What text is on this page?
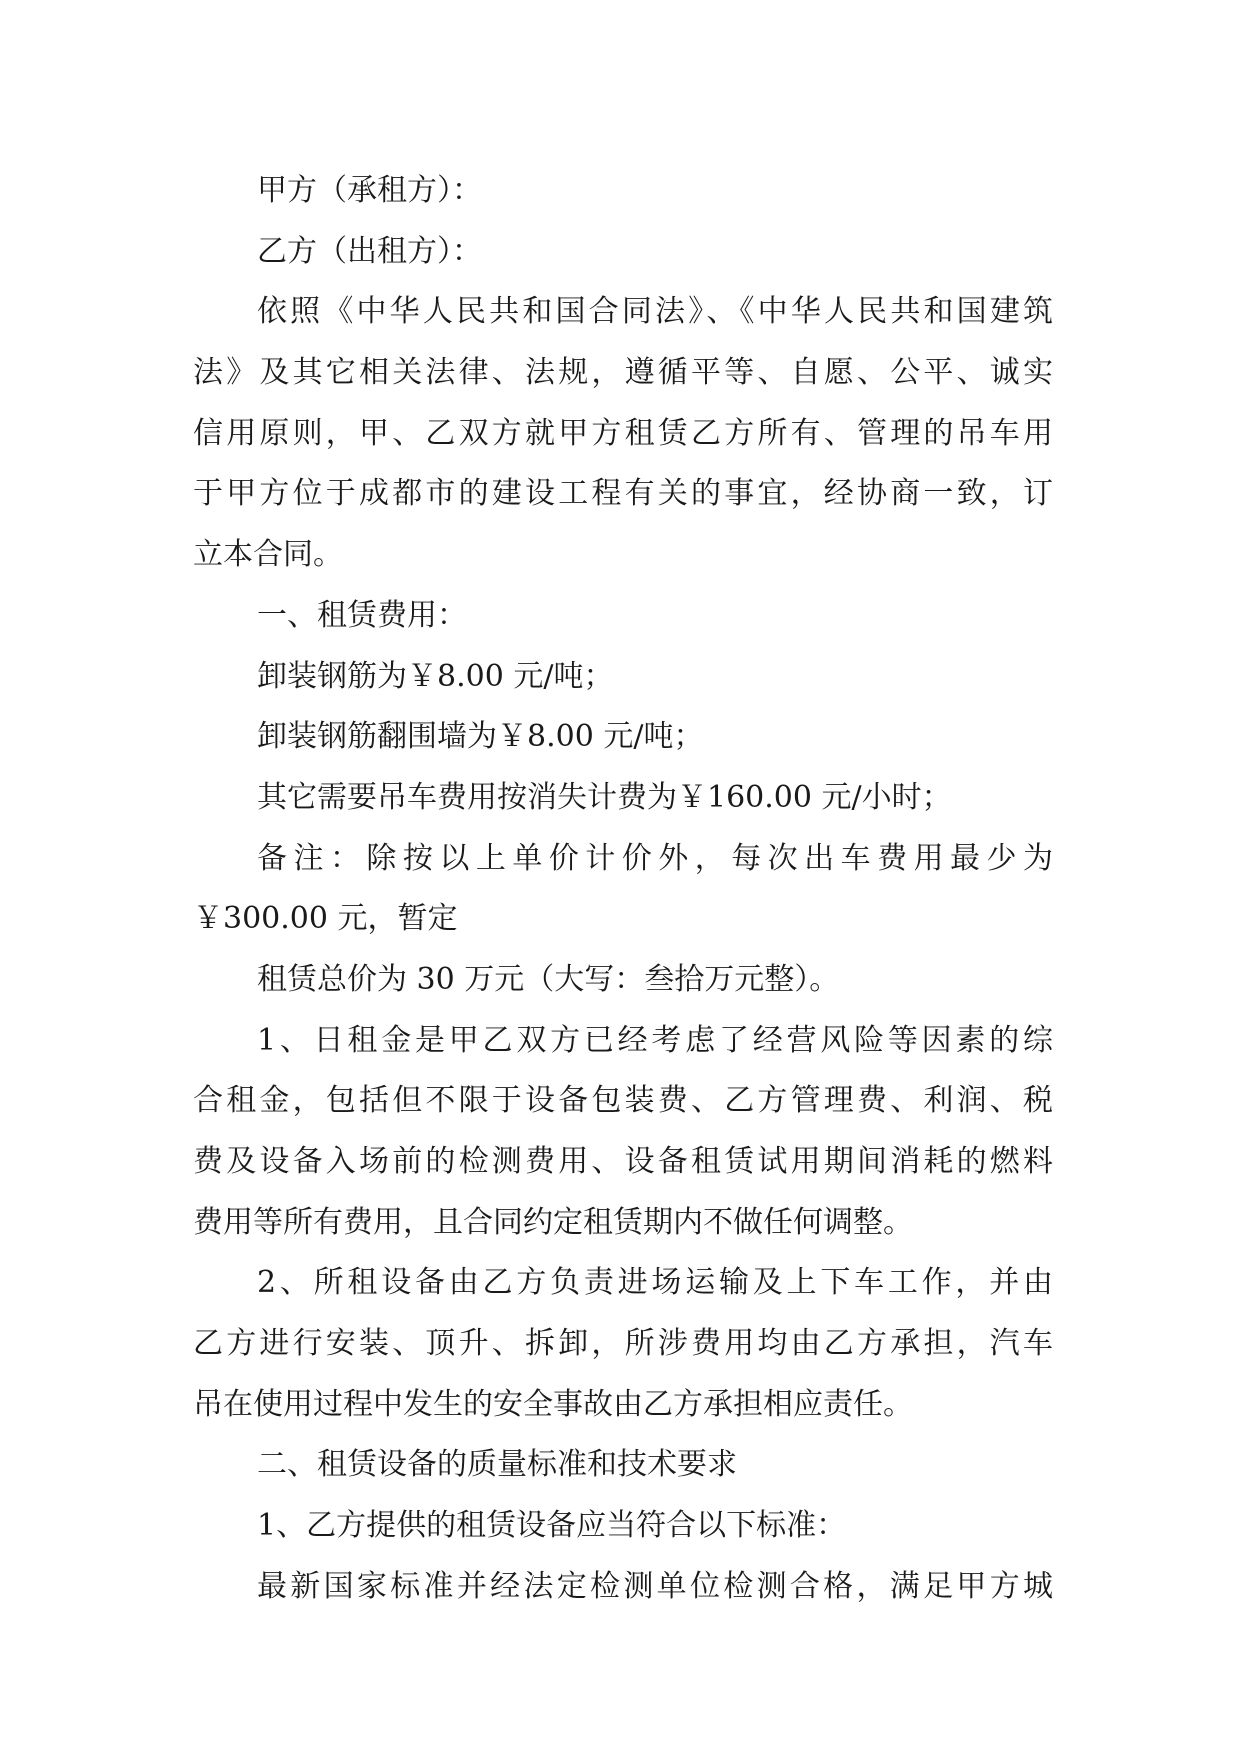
甲方（承租方）：
乙方（出租方）：
依照《中华人民共和国合同法》、《中华人民共和国建筑
法》及其它相关法律、法规，遵循平等、自愿、公平、诚实
信用原则，甲、乙双方就甲方租赁乙方所有、管理的吊车用
于甲方位于成都市的建设工程有关的事宜，经协商一致，订
立本合同。
一、租赁费用：
卸装钢筋为￥8.00 元/吨；
卸装钢筋翻围墙为￥8.00 元/吨；
其它需要吊车费用按消失计费为￥160.00 元/小时；
备注：除按以上单价计价外，每次出车费用最少为
￥300.00 元，暂定
租赁总价为 30 万元（大写：叁拾万元整）。
1、日租金是甲乙双方已经考虑了经营风险等因素的综
合租金，包括但不限于设备包装费、乙方管理费、利润、税
费及设备入场前的检测费用、设备租赁试用期间消耗的燃料
费用等所有费用，且合同约定租赁期内不做任何调整。
2、所租设备由乙方负责进场运输及上下车工作，并由
乙方进行安装、顶升、拆卸，所涉费用均由乙方承担，汽车
吊在使用过程中发生的安全事故由乙方承担相应责任。
二、租赁设备的质量标准和技术要求
1、乙方提供的租赁设备应当符合以下标准：
最新国家标准并经法定检测单位检测合格，满足甲方城
